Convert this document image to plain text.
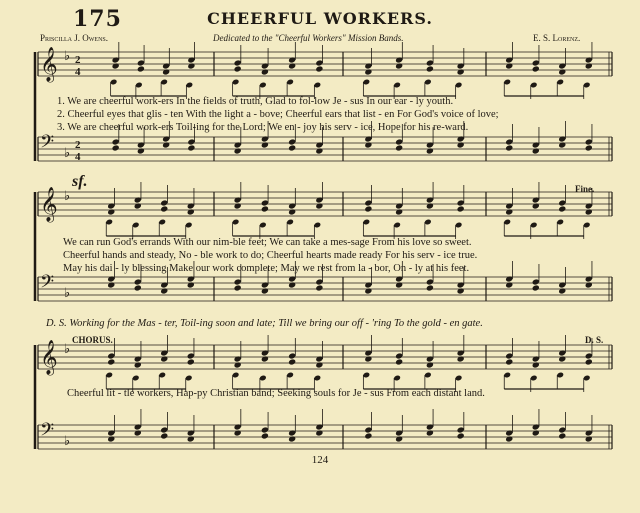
175	CHEERFUL WORKERS.
Priscilla J. Owens.	Dedicated to the "Cheerful Workers" Mission Bands.	E. S. Lorenz.
𝄞 ♭ 2
4
𝄢 ♭ 2
4
𝄞 ♭
𝄢 ♭
𝄞 ♭
𝄢 ♭
1. We are cheerful work-ers In the fields of truth, Glad to fol-low Je - sus In our ear - ly youth.
2. Cheerful eyes that glis - ten With the light a - bove; Cheerful ears that list - en For God's voice of love;
3. We are cheerful work-ers Toil-ing for the Lord; We en - joy his serv - ice, Hope for his re-ward.
sf.	Fine.
We can run God's errands With our nim-ble feet; We can take a mes-sage From his love so sweet.
Cheerful hands and steady, No - ble work to do; Cheerful hearts made ready For his serv - ice true.
May his dai - ly blessing Make our work complete; May we rest from la - bor, On - ly at his feet.
D. S. Working for the Mas - ter, Toil-ing soon and late; Till we bring our off - 'ring To the gold - en gate.
CHORUS.	D. S.
Cheerful lit - tle workers, Hap-py Christian band; Seeking souls for Je - sus From each distant land.
124
